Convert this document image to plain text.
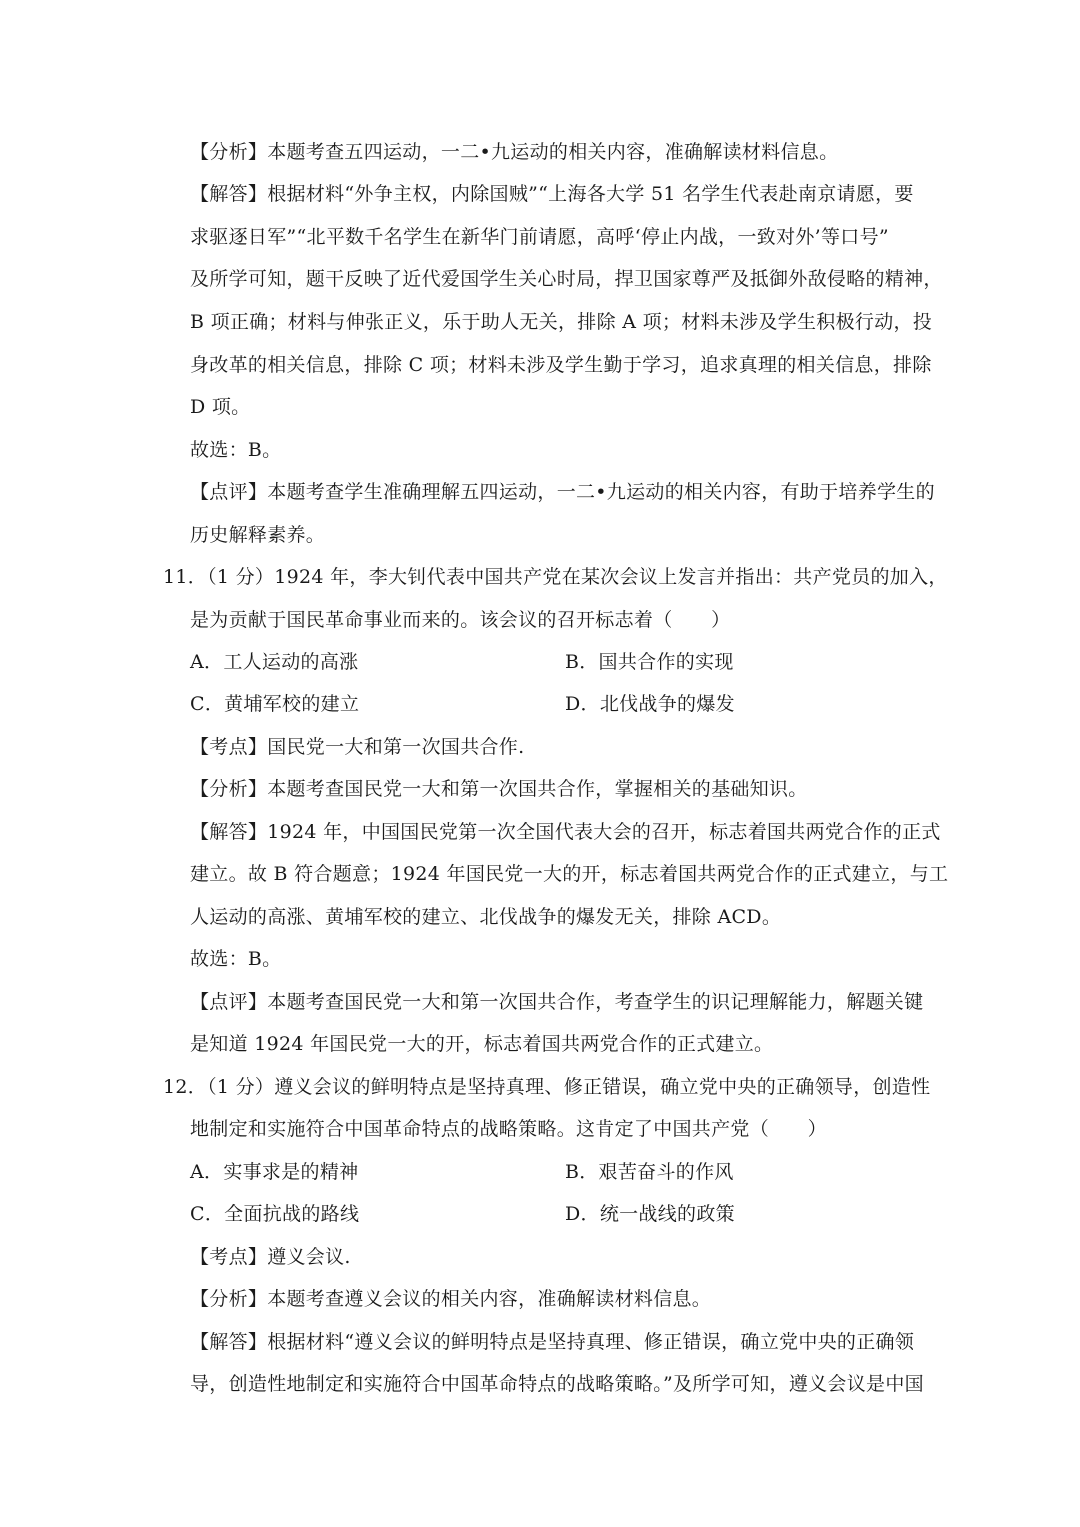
【分析】本题考查五四运动，一二•九运动的相关内容，准确解读材料信息。
【解答】根据材料“外争主权，内除国贼”“上海各大学 51 名学生代表赴南京请愿，要
求驱逐日军”“北平数千名学生在新华门前请愿，高呼‘停止内战，一致对外’等口号”
及所学可知，题干反映了近代爱国学生关心时局，捍卫国家尊严及抵御外敌侵略的精神，
B 项正确；材料与伸张正义，乐于助人无关，排除 A 项；材料未涉及学生积极行动，投
身改革的相关信息，排除 C 项；材料未涉及学生勤于学习，追求真理的相关信息，排除
D 项。
故选：B。
【点评】本题考查学生准确理解五四运动，一二•九运动的相关内容，有助于培养学生的
历史解释素养。
11．（1 分）1924 年，李大钊代表中国共产党在某次会议上发言并指出：共产党员的加入，
是为贡献于国民革命事业而来的。该会议的召开标志着（　　）
A．工人运动的高涨	B．国共合作的实现
C．黄埔军校的建立	D．北伐战争的爆发
【考点】国民党一大和第一次国共合作.
【分析】本题考查国民党一大和第一次国共合作，掌握相关的基础知识。
【解答】1924 年，中国国民党第一次全国代表大会的召开，标志着国共两党合作的正式
建立。故 B 符合题意；1924 年国民党一大的开，标志着国共两党合作的正式建立，与工
人运动的高涨、黄埔军校的建立、北伐战争的爆发无关，排除 ACD。
故选：B。
【点评】本题考查国民党一大和第一次国共合作，考查学生的识记理解能力，解题关键
是知道 1924 年国民党一大的开，标志着国共两党合作的正式建立。
12．（1 分）遵义会议的鲜明特点是坚持真理、修正错误，确立党中央的正确领导，创造性
地制定和实施符合中国革命特点的战略策略。这肯定了中国共产党（　　）
A．实事求是的精神	B．艰苦奋斗的作风
C．全面抗战的路线	D．统一战线的政策
【考点】遵义会议.
【分析】本题考查遵义会议的相关内容，准确解读材料信息。
【解答】根据材料“遵义会议的鲜明特点是坚持真理、修正错误，确立党中央的正确领
导，创造性地制定和实施符合中国革命特点的战略策略。”及所学可知，遵义会议是中国
